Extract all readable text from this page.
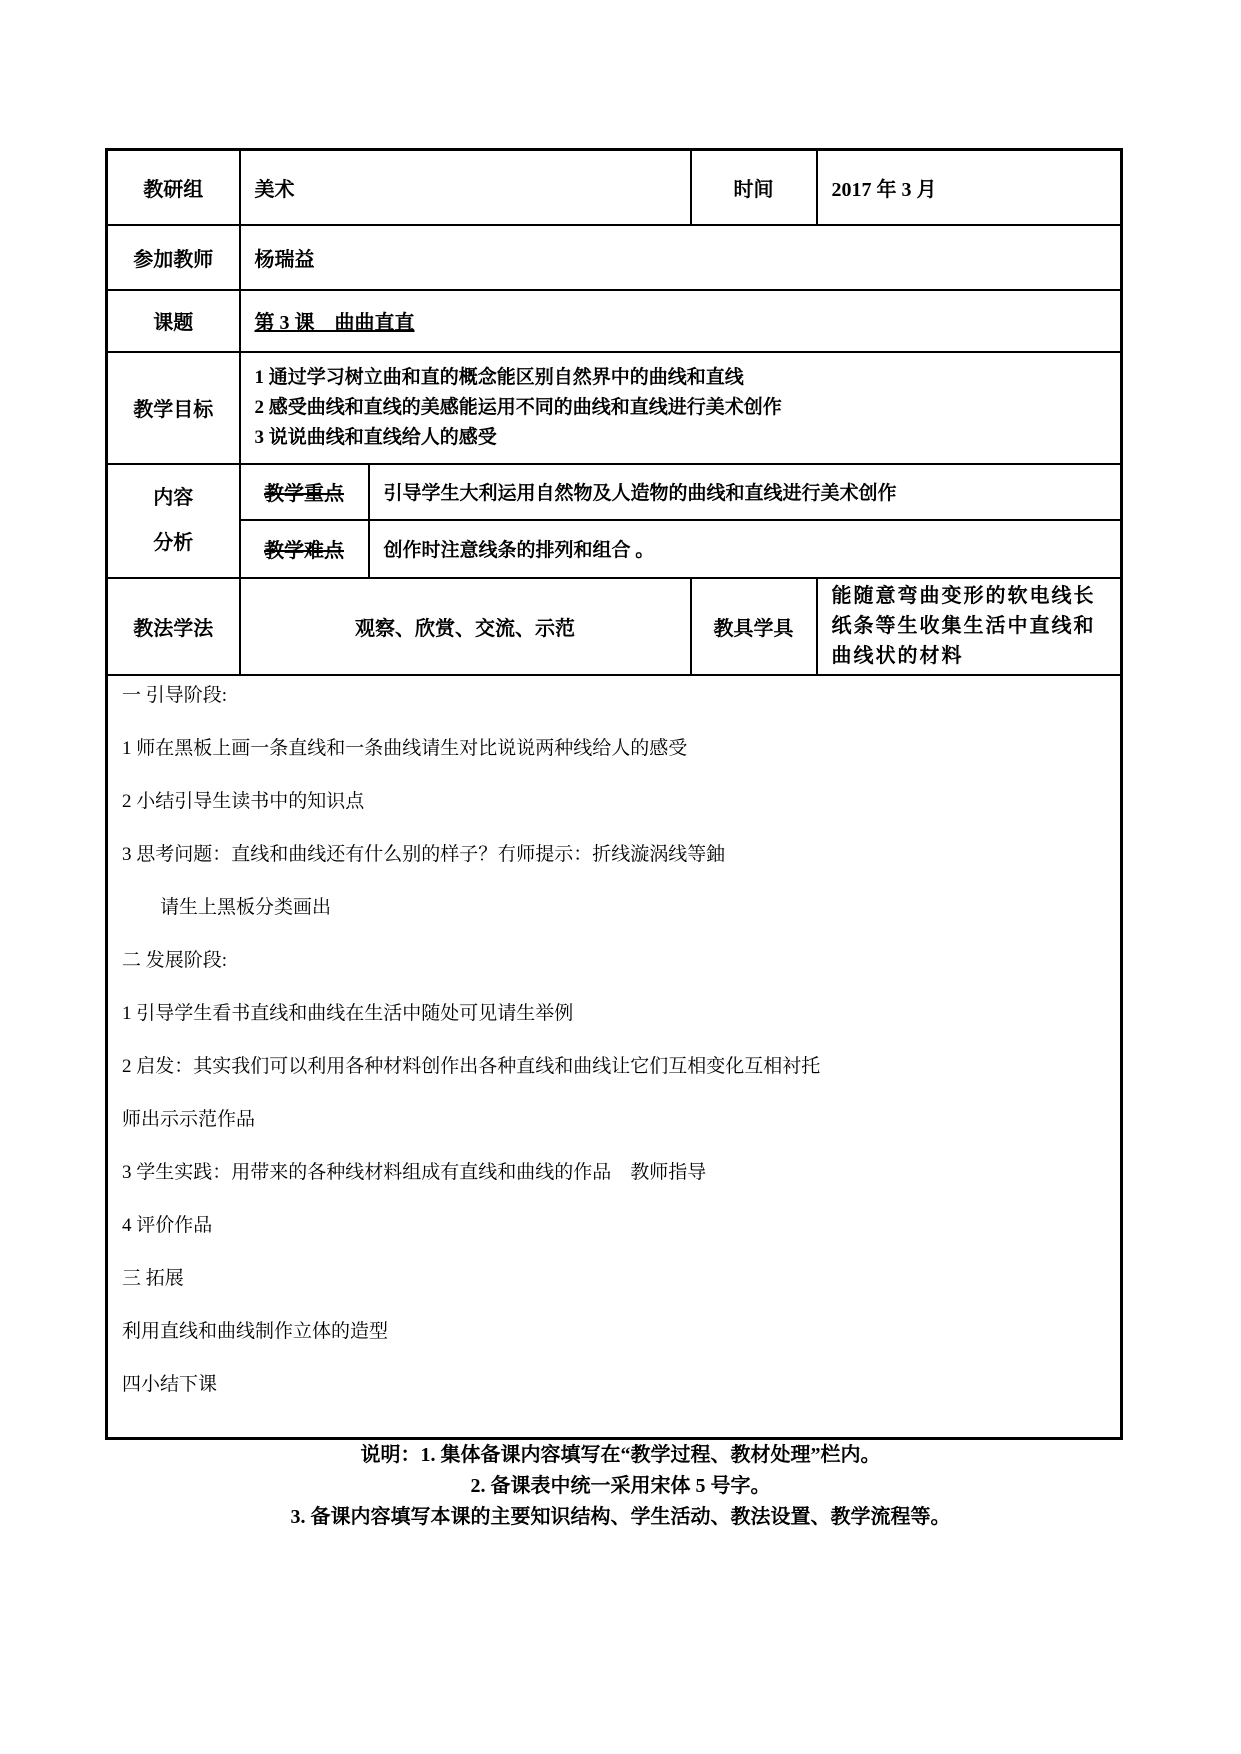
教研组	美术		时间	2017 年 3 月
参加教师	杨瑞益			
课题	第 3 课　曲曲直直			
教学目标	1 通过学习树立曲和直的概念能区别自然界中的曲线和直线

2 感受曲线和直线的美感能运用不同的曲线和直线进行美术创作

3 说说曲线和直线给人的感受			

内容

分析	教学重点	引导学生大利运用自然物及人造物的曲线和直线进行美术创作		
	教学难点	创作时注意线条的排列和组合 。		
教法学法	观察、欣赏、交流、示范		教具学具	能随意弯曲变形的软电线长纸条等生收集生活中直线和曲线状的材料

一 引导阶段:

1 师在黑板上画一条直线和一条曲线请生对比说说两种线给人的感受

2 小结引导生读书中的知识点

3 思考问题：直线和曲线还有什么别的样子？冇师提示：折线漩涡线等鈾

请生上黑板分类画出

二 发展阶段:

1 引导学生看书直线和曲线在生活中随处可见请生举例

2 启发：其实我们可以利用各种材料创作出各种直线和曲线让它们互相变化互相衬托

师出示示范作品

3 学生实践：用带来的各种线材料组成有直线和曲线的作品　教师指导

4 评价作品

三 拓展

利用直线和曲线制作立体的造型

四小结下课

说明：1. 集体备课内容填写在“教学过程、教材处理”栏内。

2. 备课表中统一采用宋体 5 号字。

3. 备课内容填写本课的主要知识结构、学生活动、教法设置、教学流程等。
